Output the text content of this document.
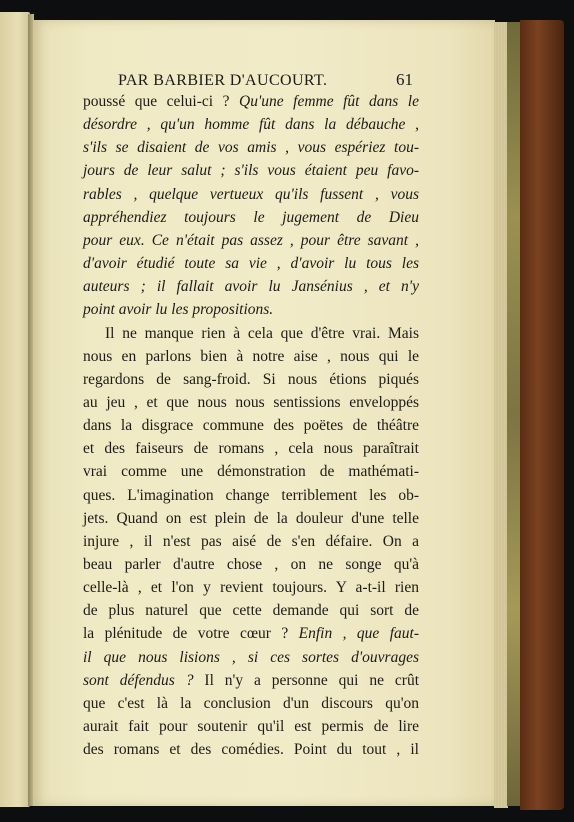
PAR BARBIER D'AUCOURT.	61
poussé que celui-ci ? Qu'une femme fût dans le
désordre , qu'un homme fût dans la débauche ,
s'ils se disaient de vos amis , vous espériez tou-
jours de leur salut ; s'ils vous étaient peu favo-
rables , quelque vertueux qu'ils fussent , vous
appréhendiez toujours le jugement de Dieu
pour eux. Ce n'était pas assez , pour être savant ,
d'avoir étudié toute sa vie , d'avoir lu tous les
auteurs ; il fallait avoir lu Jansénius , et n'y
point avoir lu les propositions.
Il ne manque rien à cela que d'être vrai. Mais
nous en parlons bien à notre aise , nous qui le
regardons de sang-froid. Si nous étions piqués
au jeu , et que nous nous sentissions enveloppés
dans la disgrace commune des poëtes de théâtre
et des faiseurs de romans , cela nous paraîtrait
vrai comme une démonstration de mathémati-
ques. L'imagination change terriblement les ob-
jets. Quand on est plein de la douleur d'une telle
injure , il n'est pas aisé de s'en défaire. On a
beau parler d'autre chose , on ne songe qu'à
celle-là , et l'on y revient toujours. Y a-t-il rien
de plus naturel que cette demande qui sort de
la plénitude de votre cœur ? Enfin , que faut-
il que nous lisions , si ces sortes d'ouvrages
sont défendus ? Il n'y a personne qui ne crût
que c'est là la conclusion d'un discours qu'on
aurait fait pour soutenir qu'il est permis de lire
des romans et des comédies. Point du tout , il
